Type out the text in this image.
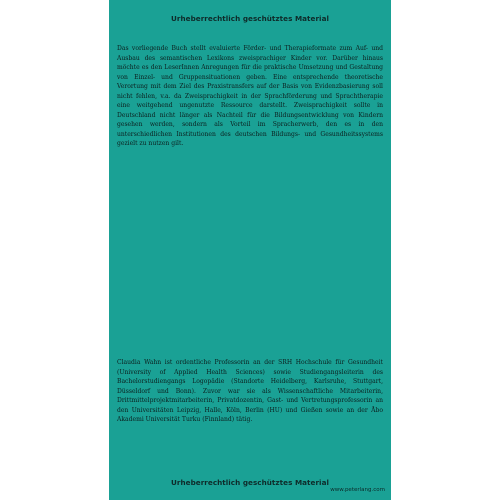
Urheberrechtlich geschütztes Material

Das vorliegende Buch stellt evaluierte Förder- und Therapieformate zum Auf- und Ausbau des semantischen Lexikons zweisprachiger Kinder vor. Darüber hinaus möchte es den LeserInnen Anregungen für die praktische Umsetzung und Gestaltung von Einzel- und Gruppensituationen geben. Eine entsprechende theoretische Verortung mit dem Ziel des Praxistransfers auf der Basis von Evidenzbasierung soll nicht fehlen, v.a. da Zweisprachigkeit in der Sprachförderung und Sprachtherapie eine weitgehend ungenutzte Ressource darstellt. Zweisprachigkeit sollte in Deutschland nicht länger als Nachteil für die Bildungsentwicklung von Kindern gesehen werden, sondern als Vorteil im Spracherwerb, den es in den unterschiedlichen Institutionen des deutschen Bildungs- und Gesundheitssystems gezielt zu nutzen gilt.

Claudia Wahn ist ordentliche Professorin an der SRH Hochschule für Gesundheit (University of Applied Health Sciences) sowie Studiengangsleiterin des Bachelorstudiengangs Logopädie (Standorte Heidelberg, Karlsruhe, Stuttgart, Düsseldorf und Bonn). Zuvor war sie als Wissenschaftliche Mitarbeiterin, Drittmittelprojektmitarbeiterin, Privatdozentin, Gast- und Vertretungsprofessorin an den Universitäten Leipzig, Halle, Köln, Berlin (HU) und Gießen sowie an der Åbo Akademi Universität Turku (Finnland) tätig.

Urheberrechtlich geschütztes Material
www.peterlang.com
